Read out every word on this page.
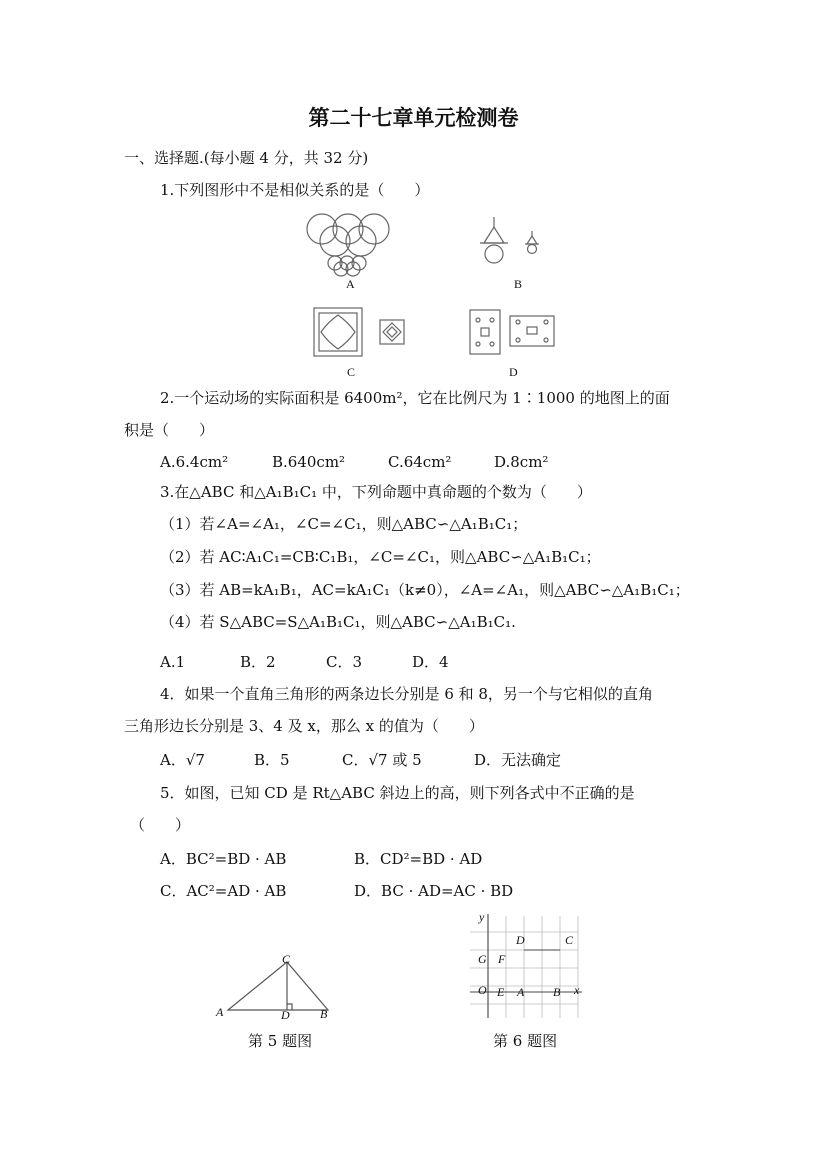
第二十七章单元检测卷
一、选择题.(每小题 4 分，共 32 分)
1.下列图形中不是相似关系的是（　　）
A	B
C	D
2.一个运动场的实际面积是 6400m²，它在比例尺为 1∶1000 的地图上的面
积是（　　）
A.6.4cm²	B.640cm²	C.64cm²	D.8cm²
3.在△ABC 和△A₁B₁C₁ 中，下列命题中真命题的个数为（　　）
（1）若∠A=∠A₁，∠C=∠C₁，则△ABC∽△A₁B₁C₁；
（2）若 AC∶A₁C₁=CB∶C₁B₁，∠C=∠C₁，则△ABC∽△A₁B₁C₁；
（3）若 AB=kA₁B₁，AC=kA₁C₁（k≠0），∠A=∠A₁，则△ABC∽△A₁B₁C₁；
（4）若 S△ABC=S△A₁B₁C₁，则△ABC∽△A₁B₁C₁.
A.1	B．2	C．3	D．4
4．如果一个直角三角形的两条边长分别是 6 和 8，另一个与它相似的直角
三角形边长分别是 3、4 及 x，那么 x 的值为（　　）
A．√7	B．5	C．√7 或 5	D．无法确定
5．如图，已知 CD 是 Rt△ABC 斜边上的高，则下列各式中不正确的是
（　　）
A．BC²=BD · AB	B．CD²=BD · AD
C．AC²=AD · AB	D．BC · AD=AC · BD
A	B
C
D
第 5 题图
y
D	C
G F
O E A B x
第 6 题图
